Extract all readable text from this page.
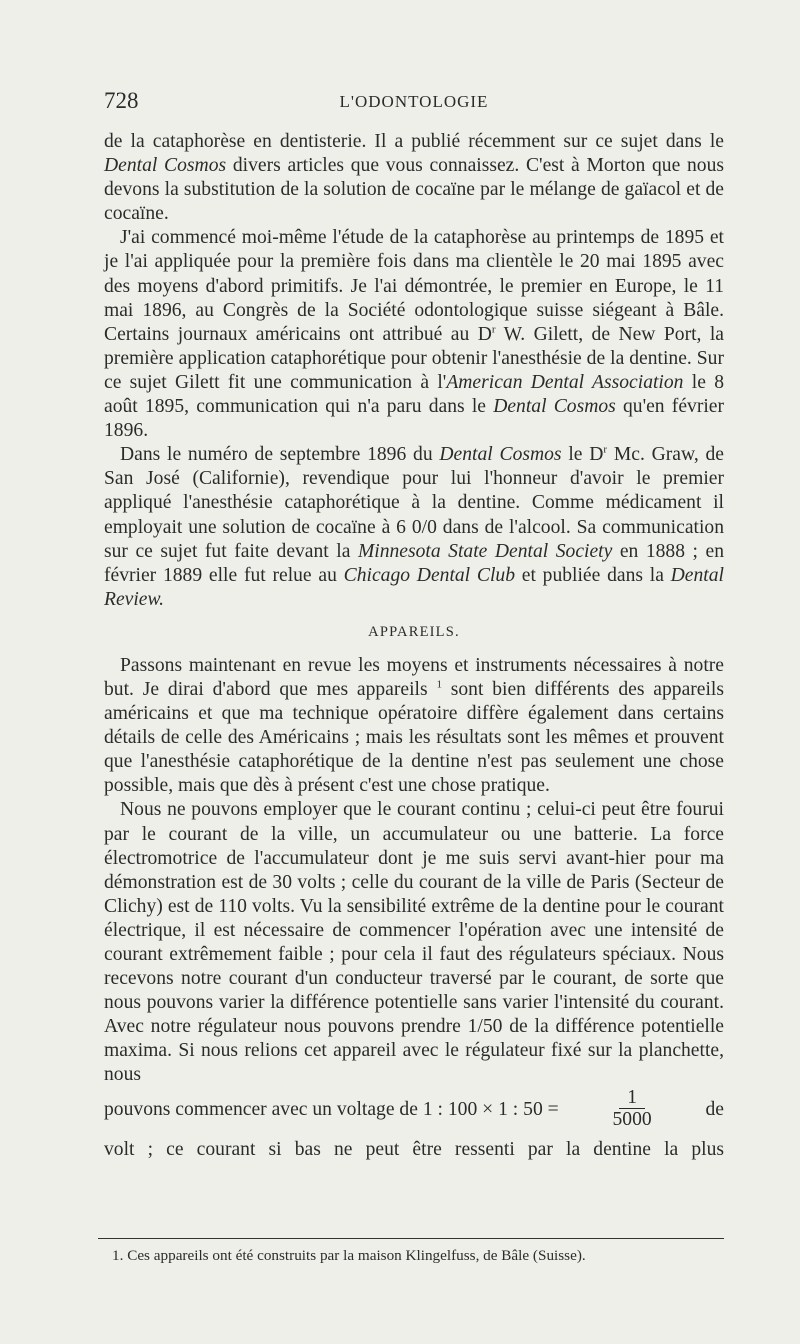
728	L'ODONTOLOGIE

de la cataphorèse en dentisterie. Il a publié récemment sur ce sujet dans le Dental Cosmos divers articles que vous connaissez. C'est à Morton que nous devons la substitution de la solution de cocaïne par le mélange de gaïacol et de cocaïne.

J'ai commencé moi-même l'étude de la cataphorèse au printemps de 1895 et je l'ai appliquée pour la première fois dans ma clientèle le 20 mai 1895 avec des moyens d'abord primitifs. Je l'ai démontrée, le premier en Europe, le 11 mai 1896, au Congrès de la Société odontologique suisse siégeant à Bâle. Certains journaux américains ont attribué au $D^r$ W. Gilett, de New Port, la première application cataphorétique pour obtenir l'anesthésie de la dentine. Sur ce sujet Gilett fit une communication à l'American Dental Association le 8 août 1895, communication qui n'a paru dans le Dental Cosmos qu'en février 1896.

Dans le numéro de septembre 1896 du Dental Cosmos le $D^r$ Mc. Graw, de San José (Californie), revendique pour lui l'honneur d'avoir le premier appliqué l'anesthésie cataphorétique à la dentine. Comme médicament il employait une solution de cocaïne à 6 0/0 dans de l'alcool. Sa communication sur ce sujet fut faite devant la Minnesota State Dental Society en 1888 ; en février 1889 elle fut relue au Chicago Dental Club et publiée dans la Dental Review.

APPAREILS.

Passons maintenant en revue les moyens et instruments nécessaires à notre but. Je dirai d'abord que mes appareils $^1$ sont bien différents des appareils américains et que ma technique opératoire diffère également dans certains détails de celle des Américains ; mais les résultats sont les mêmes et prouvent que l'anesthésie cataphorétique de la dentine n'est pas seulement une chose possible, mais que dès à présent c'est une chose pratique.

Nous ne pouvons employer que le courant continu ; celui-ci peut être fourui par le courant de la ville, un accumulateur ou une batterie. La force électromotrice de l'accumulateur dont je me suis servi avant-hier pour ma démonstration est de 30 volts ; celle du courant de la ville de Paris (Secteur de Clichy) est de 110 volts. Vu la sensibilité extrême de la dentine pour le courant électrique, il est nécessaire de commencer l'opération avec une intensité de courant extrêmement faible ; pour cela il faut des régulateurs spéciaux. Nous recevons notre courant d'un conducteur traversé par le courant, de sorte que nous pouvons varier la différence potentielle sans varier l'intensité du courant. Avec notre régulateur nous pouvons prendre 1/50 de la différence potentielle maxima. Si nous relions cet appareil avec le régulateur fixé sur la planchette, nous

pouvons commencer avec un voltage de 1 : 100 × 1 : 50 =	$\frac{1}{5000}$	de

volt ; ce courant si bas ne peut être ressenti par la dentine la plus

1. Ces appareils ont été construits par la maison Klingelfuss, de Bâle (Suisse).
